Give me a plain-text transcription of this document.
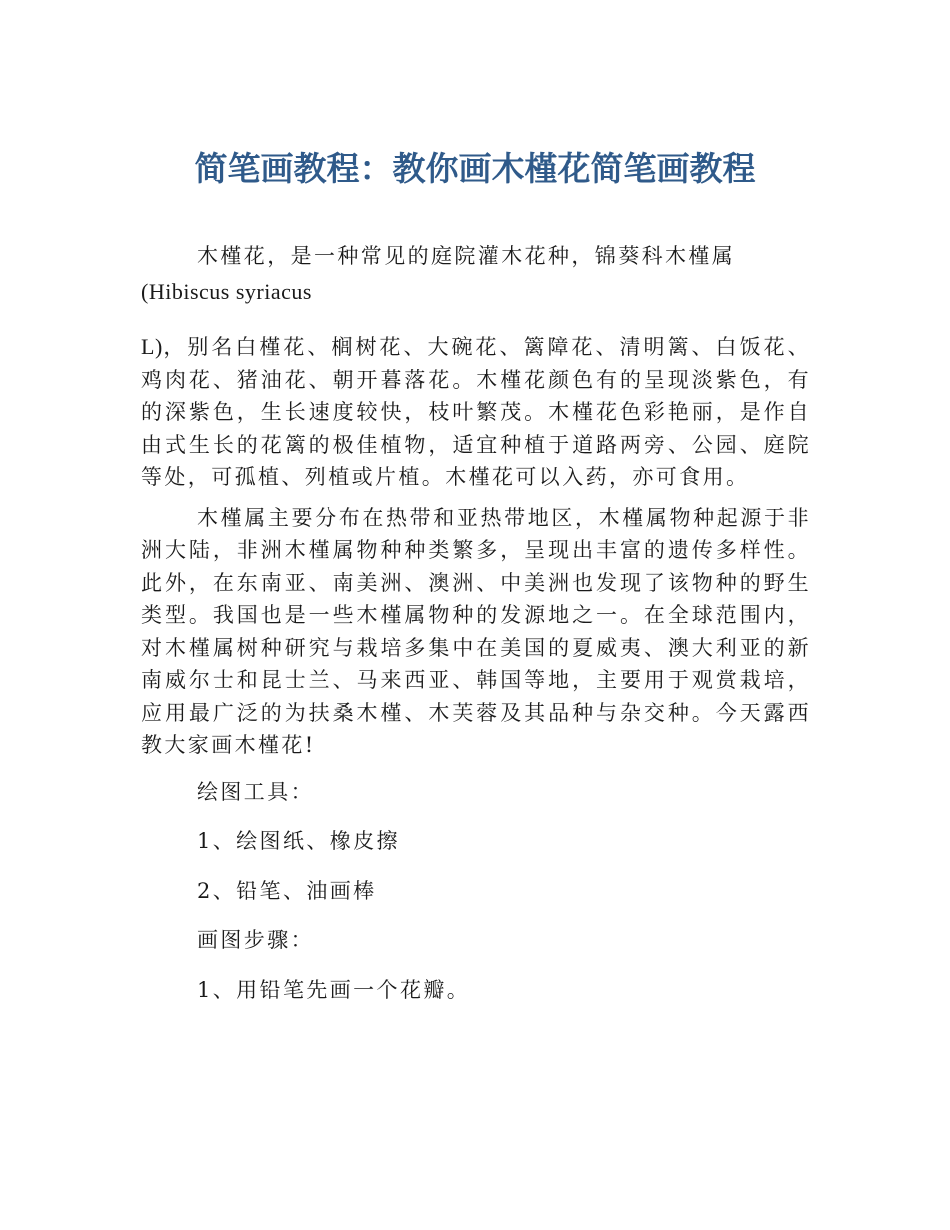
简笔画教程：教你画木槿花简笔画教程

木槿花，是一种常见的庭院灌木花种，锦葵科木槿属

(Hibiscus syriacus

L)，别名白槿花、榈树花、大碗花、篱障花、清明篱、白饭花、鸡肉花、猪油花、朝开暮落花。木槿花颜色有的呈现淡紫色，有的深紫色，生长速度较快，枝叶繁茂。木槿花色彩艳丽，是作自由式生长的花篱的极佳植物，适宜种植于道路两旁、公园、庭院等处，可孤植、列植或片植。木槿花可以入药，亦可食用。

木槿属主要分布在热带和亚热带地区，木槿属物种起源于非洲大陆，非洲木槿属物种种类繁多，呈现出丰富的遗传多样性。此外，在东南亚、南美洲、澳洲、中美洲也发现了该物种的野生类型。我国也是一些木槿属物种的发源地之一。在全球范围内，对木槿属树种研究与栽培多集中在美国的夏威夷、澳大利亚的新南威尔士和昆士兰、马来西亚、韩国等地，主要用于观赏栽培，应用最广泛的为扶桑木槿、木芙蓉及其品种与杂交种。今天露西教大家画木槿花!

绘图工具：

1、绘图纸、橡皮擦

2、铅笔、油画棒

画图步骤：

1、用铅笔先画一个花瓣。
